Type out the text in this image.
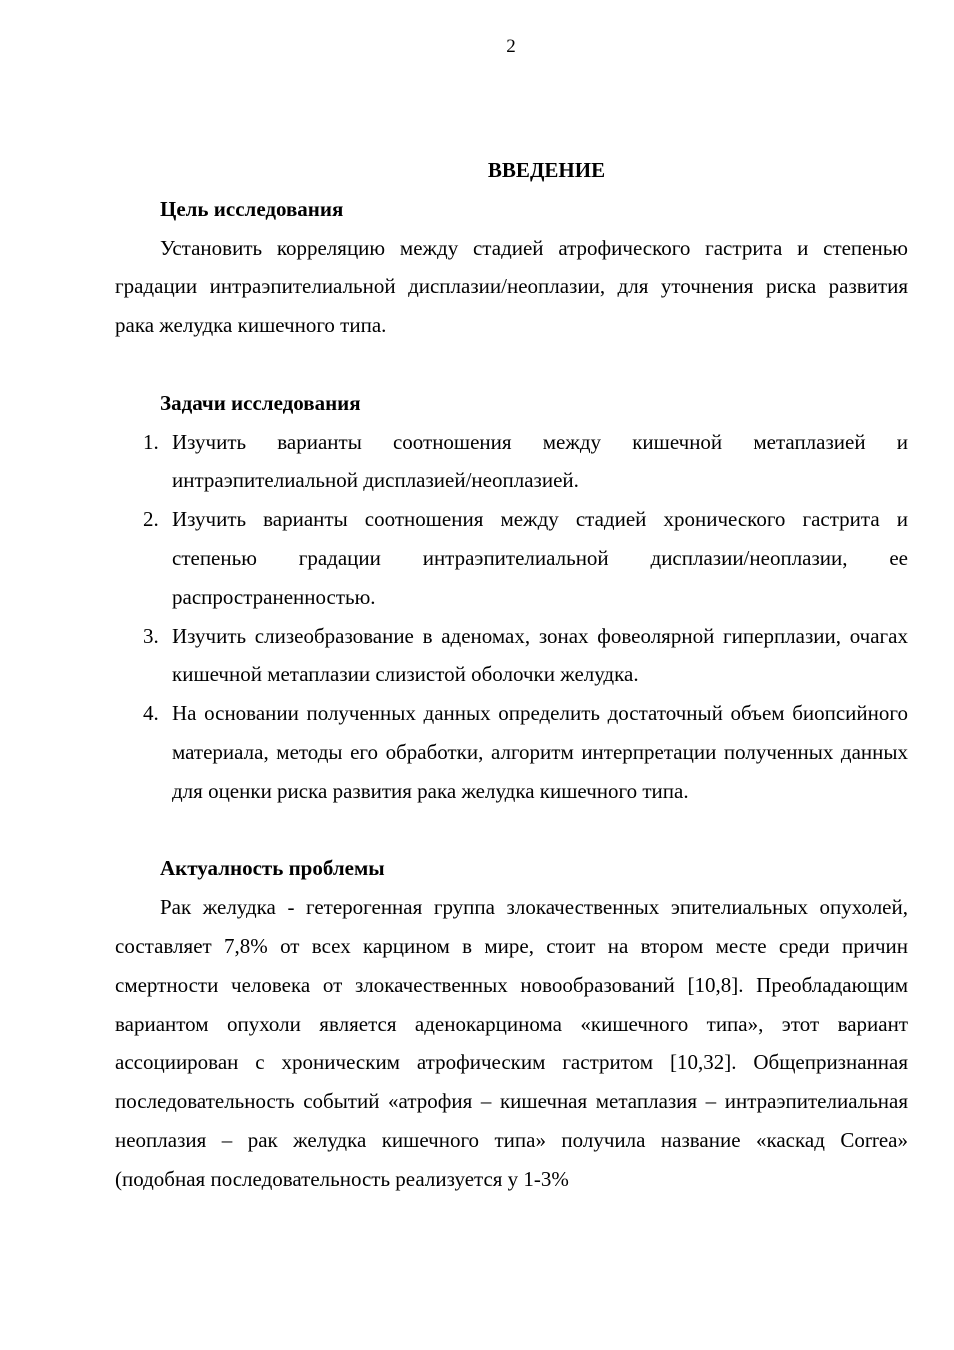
2

ВВЕДЕНИЕ

Цель исследования

Установить корреляцию между стадией атрофического гастрита и степенью градации интраэпителиальной дисплазии/неоплазии, для уточнения риска развития рака желудка кишечного типа.

Задачи исследования

1. Изучить варианты соотношения между кишечной метаплазией и интраэпителиальной дисплазией/неоплазией.
2. Изучить варианты соотношения между стадией хронического гастрита и степенью градации интраэпителиальной дисплазии/неоплазии, ее распространенностью.
3. Изучить слизеобразование в аденомах, зонах фовеолярной гиперплазии, очагах кишечной метаплазии слизистой оболочки желудка.
4. На основании полученных данных определить достаточный объем биопсийного материала, методы его обработки, алгоритм интерпретации полученных данных для оценки риска развития рака желудка кишечного типа.

Актуалность проблемы

Рак желудка - гетерогенная группа злокачественных эпителиальных опухолей, составляет 7,8% от всех карцином в мире, стоит на втором месте среди причин смертности человека от злокачественных новообразований [10,8]. Преобладающим вариантом опухоли является аденокарцинома «кишечного типа», этот вариант ассоциирован с хроническим атрофическим гастритом [10,32]. Общепризнанная последовательность событий «атрофия – кишечная метаплазия – интраэпителиальная неоплазия – рак желудка кишечного типа» получила название «каскад Correa» (подобная последовательность реализуется у 1-3%
